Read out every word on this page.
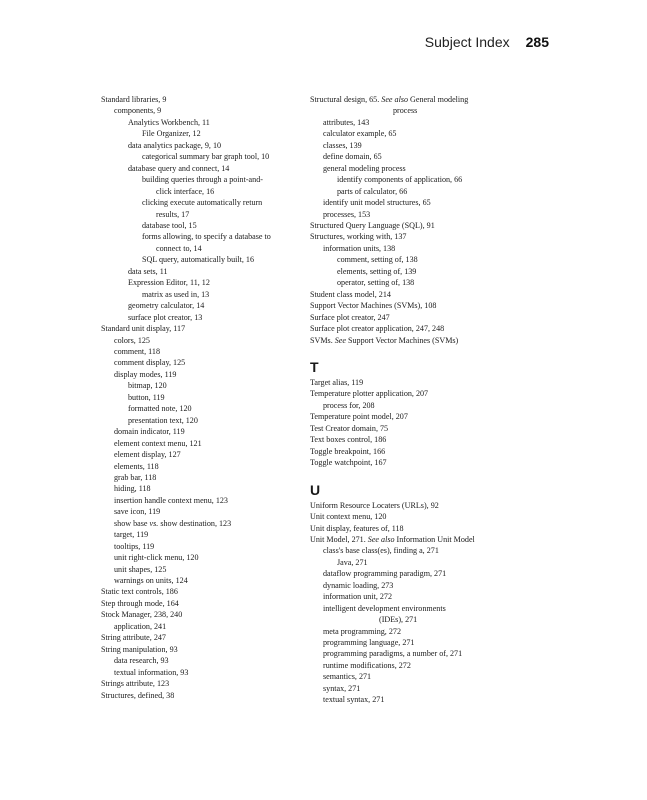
Subject Index 285
Standard libraries, 9
components, 9
Analytics Workbench, 11
File Organizer, 12
data analytics package, 9, 10
categorical summary bar graph tool, 10
database query and connect, 14
building queries through a point-and-
click interface, 16
clicking execute automatically return
results, 17
database tool, 15
forms allowing, to specify a database to
connect to, 14
SQL query, automatically built, 16
data sets, 11
Expression Editor, 11, 12
matrix as used in, 13
geometry calculator, 14
surface plot creator, 13
Standard unit display, 117
colors, 125
comment, 118
comment display, 125
display modes, 119
bitmap, 120
button, 119
formatted note, 120
presentation text, 120
domain indicator, 119
element context menu, 121
element display, 127
elements, 118
grab bar, 118
hiding, 118
insertion handle context menu, 123
save icon, 119
show base vs. show destination, 123
target, 119
tooltips, 119
unit right-click menu, 120
unit shapes, 125
warnings on units, 124
Static text controls, 186
Step through mode, 164
Stock Manager, 238, 240
application, 241
String attribute, 247
String manipulation, 93
data research, 93
textual information, 93
Strings attribute, 123
Structures, defined, 38
Structural design, 65. See also General modeling
process
attributes, 143
calculator example, 65
classes, 139
define domain, 65
general modeling process
identify components of application, 66
parts of calculator, 66
identify unit model structures, 65
processes, 153
Structured Query Language (SQL), 91
Structures, working with, 137
information units, 138
comment, setting of, 138
elements, setting of, 139
operator, setting of, 138
Student class model, 214
Support Vector Machines (SVMs), 108
Surface plot creator, 247
Surface plot creator application, 247, 248
SVMs. See Support Vector Machines (SVMs)
T
Target alias, 119
Temperature plotter application, 207
process for, 208
Temperature point model, 207
Test Creator domain, 75
Text boxes control, 186
Toggle breakpoint, 166
Toggle watchpoint, 167
U
Uniform Resource Locaters (URLs), 92
Unit context menu, 120
Unit display, features of, 118
Unit Model, 271. See also Information Unit Model
class's base class(es), finding a, 271
Java, 271
dataflow programming paradigm, 271
dynamic loading, 273
information unit, 272
intelligent development environments
(IDEs), 271
meta programming, 272
programming language, 271
programming paradigms, a number of, 271
runtime modifications, 272
semantics, 271
syntax, 271
textual syntax, 271
